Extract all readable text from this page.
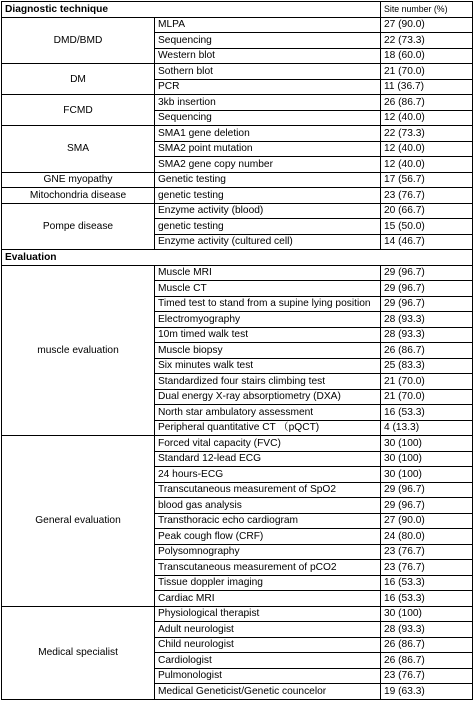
Diagnostic technique		Site number (%)
DMD/BMD	MLPA	27 (90.0)
	Sequencing	22 (73.3)
	Western blot	18 (60.0)
DM	Sothern blot	21 (70.0)
	PCR	11 (36.7)
FCMD	3kb insertion	26 (86.7)
	Sequencing	12 (40.0)
SMA	SMA1 gene deletion	22 (73.3)
	SMA2 point mutation	12 (40.0)
	SMA2 gene copy number	12 (40.0)
GNE myopathy	Genetic testing	17 (56.7)
Mitochondria disease	genetic testing	23 (76.7)
Pompe disease	Enzyme activity (blood)	20 (66.7)
	genetic testing	15 (50.0)
	Enzyme activity (cultured cell)	14 (46.7)
Evaluation		
muscle evaluation	Muscle MRI	29 (96.7)
	Muscle CT	29 (96.7)
	Timed test to stand from a supine lying position	29 (96.7)
	Electromyography	28 (93.3)
	10m timed walk test	28 (93.3)
	Muscle biopsy	26 (86.7)
	Six minutes walk test	25 (83.3)
	Standardized four stairs climbing test	21 (70.0)
	Dual energy X-ray absorptiometry (DXA)	21 (70.0)
	North star ambulatory assessment	16 (53.3)
	Peripheral quantitative CT （pQCT)	4 (13.3)
General evaluation	Forced vital capacity (FVC)	30 (100)
	Standard 12-lead ECG	30 (100)
	24 hours-ECG	30 (100)
	Transcutaneous measurement of SpO2	29 (96.7)
	blood gas analysis	29 (96.7)
	Transthoracic echo cardiogram	27 (90.0)
	Peak cough flow (CRF)	24 (80.0)
	Polysomnography	23 (76.7)
	Transcutaneous measurement of pCO2	23 (76.7)
	Tissue doppler imaging	16 (53.3)
	Cardiac MRI	16 (53.3)
Medical specialist	Physiological therapist	30 (100)
	Adult neurologist	28 (93.3)
	Child neurologist	26 (86.7)
	Cardiologist	26 (86.7)
	Pulmonologist	23 (76.7)
	Medical Geneticist/Genetic councelor	19 (63.3)
